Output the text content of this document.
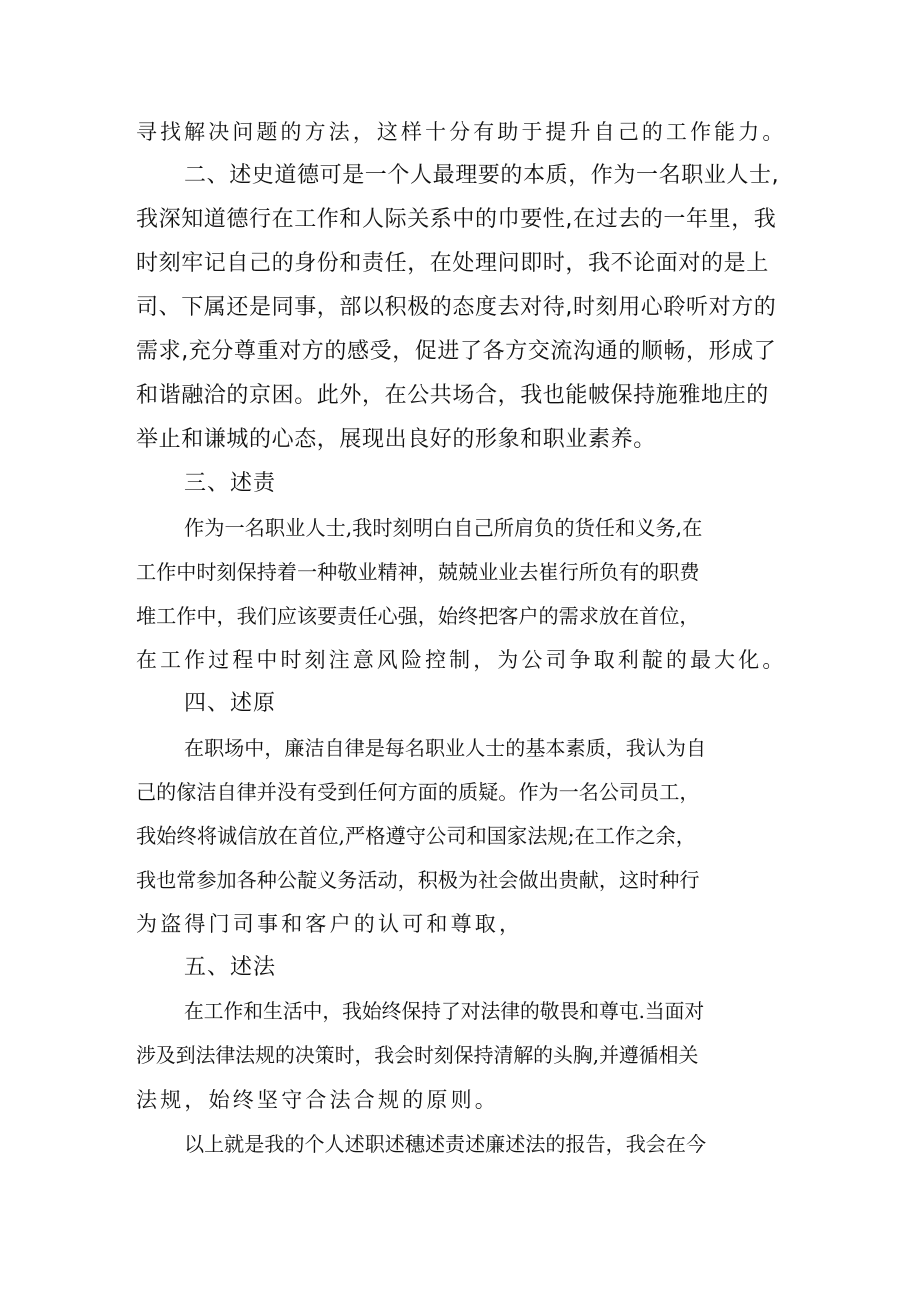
寻找解决问题的方法，这样十分有助于提升自己的工作能力。
二、述史道德可是一个人最理要的本质，作为一名职业人士,
我深知道德行在工作和人际关系中的巾要性,在过去的一年里，我
时刻牢记自己的身份和责任，在处理问即时，我不论面对的是上
司、下属还是同事，部以积极的态度去对待,时刻用心聆听对方的
需求,充分尊重对方的感受，促进了各方交流沟通的顺畅，形成了
和谐融洽的京困。此外，在公共场合，我也能帔保持施雅地庄的
举止和谦城的心态，展现出良好的形象和职业素养。
三、述责
作为一名职业人士,我时刻明白自己所肩负的货任和义务,在
工作中时刻保持着一种敬业精神，兢兢业业去崔行所负有的职费
堆工作中，我们应该要责任心强，始终把客户的需求放在首位，
在工作过程中时刻注意风险控制，为公司争取利靛的最大化。
四、述原
在职场中，廉洁自律是每名职业人士的基本素质，我认为自
己的傢洁自律并没有受到任何方面的质疑。作为一名公司员工，
我始终将诚信放在首位,严格遵守公司和国家法规;在工作之余，
我也常参加各种公靛义务活动，积极为社会做出贵献，这时种行
为盗得门司事和客户的认可和尊取，
五、述法
在工作和生活中，我始终保持了对法律的敬畏和尊屯.当面对
涉及到法律法规的决策时，我会时刻保持清解的头胸,并遵循相关
法规，始终坚守合法合规的原则。
以上就是我的个人述职述穗述责述廉述法的报告，我会在今
